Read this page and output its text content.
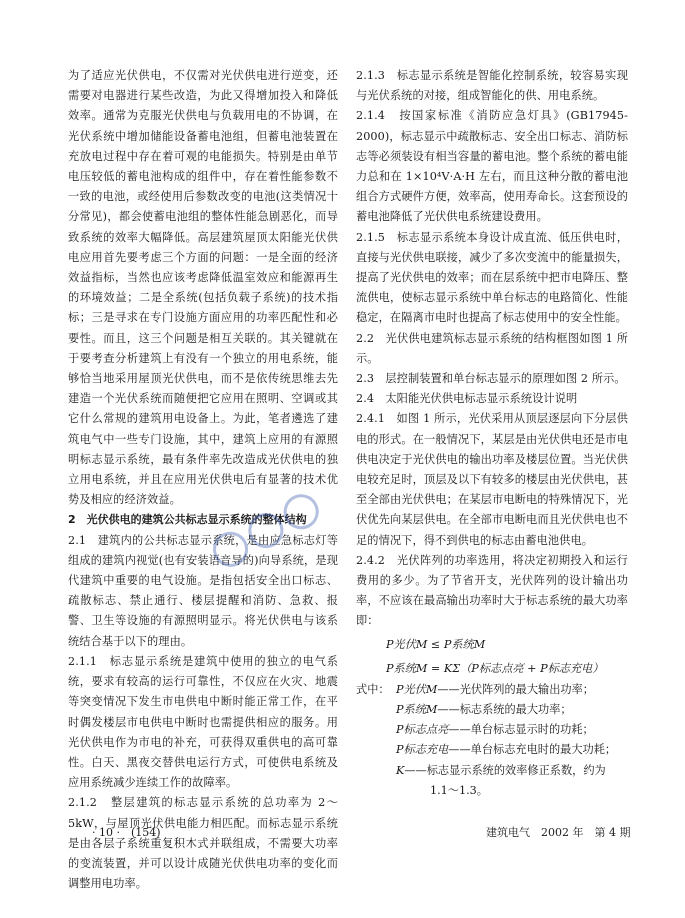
为了适应光伏供电，不仅需对光伏供电进行逆变，还需要对电器进行某些改造，为此又得增加投入和降低效率。通常为克服光伏供电与负载用电的不协调，在光伏系统中增加储能设备蓄电池组，但蓄电池装置在充放电过程中存在着可观的电能损失。特别是由单节电压较低的蓄电池构成的组件中，存在着性能参数不一致的电池，或经使用后参数改变的电池(这类情况十分常见)，都会使蓄电池组的整体性能急剧恶化，而导致系统的效率大幅降低。高层建筑屋顶太阳能光伏供电应用首先要考虑三个方面的问题：一是全面的经济效益指标，当然也应该考虑降低温室效应和能源再生的环境效益；二是全系统(包括负载子系统)的技术指标；三是寻求在专门设施方面应用的功率匹配性和必要性。而且，这三个问题是相互关联的。其关键就在于要考查分析建筑上有没有一个独立的用电系统，能够恰当地采用屋顶光伏供电，而不是依传统思维去先建造一个光伏系统而随便把它应用在照明、空调或其它什么常规的建筑用电设备上。为此，笔者遴选了建筑电气中一些专门设施，其中，建筑上应用的有源照明标志显示系统，最有条件率先改造成光伏供电的独立用电系统，并且在应用光伏供电后有显著的技术优势及相应的经济效益。

2　光伏供电的建筑公共标志显示系统的整体结构

2.1　建筑内的公共标志显示系统，是由应急标志灯等组成的建筑内视觉(也有安装语音导的)向导系统，是现代建筑中重要的电气设施。是指包括安全出口标志、疏散标志、禁止通行、楼层提醒和消防、急救、报警、卫生等设施的有源照明显示。将光伏供电与该系统结合基于以下的理由。

2.1.1　标志显示系统是建筑中使用的独立的电气系统，要求有较高的运行可靠性，不仅应在火灾、地震等突变情况下发生市电供电中断时能正常工作，在平时偶发楼层市电供电中断时也需提供相应的服务。用光伏供电作为市电的补充，可获得双重供电的高可靠性。白天、黑夜交替供电运行方式，可使供电系统及应用系统减少连续工作的故障率。

2.1.2　整层建筑的标志显示系统的总功率为 2～5kW，与屋顶光伏供电能力相匹配。而标志显示系统是由各层子系统重复积木式并联组成，不需要大功率的变流装置，并可以设计成随光伏供电功率的变化而调整用电功率。

2.1.3　标志显示系统是智能化控制系统，较容易实现与光伏系统的对接，组成智能化的供、用电系统。

2.1.4　按国家标准《消防应急灯具》(GB17945-2000)，标志显示中疏散标志、安全出口标志、消防标志等必须装设有相当容量的蓄电池。整个系统的蓄电能力总和在 1×10⁴V·A·H 左右，而且这种分散的蓄电池组合方式硬件方便，效率高，使用寿命长。这套预设的蓄电池降低了光伏供电系统建设费用。

2.1.5　标志显示系统本身设计成直流、低压供电时，直接与光伏供电联接，减少了多次变流中的能量损失，提高了光伏供电的效率；而在层系统中把市电降压、整流供电，使标志显示系统中单台标志的电路简化、性能稳定，在隔离市电时也提高了标志使用中的安全性能。

2.2　光伏供电建筑标志显示系统的结构框图如图 1 所示。

2.3　层控制装置和单台标志显示的原理如图 2 所示。

2.4　太阳能光伏供电标志显示系统设计说明

2.4.1　如图 1 所示，光伏采用从顶层逐层向下分层供电的形式。在一般情况下，某层是由光伏供电还是市电供电决定于光伏供电的输出功率及楼层位置。当光伏供电较充足时，顶层及以下有较多的楼层由光伏供电，甚至全部由光伏供电；在某层市电断电的特殊情况下，光伏优先向某层供电。在全部市电断电而且光伏供电也不足的情况下，得不到供电的标志由蓄电池供电。

2.4.2　光伏阵列的功率选用，将决定初期投入和运行费用的多少。为了节省开支，光伏阵列的设计输出功率，不应该在最高输出功率时大于标志系统的最大功率即：

P光伏M ≤ P系统M
P系统M = KΣ（P标志点亮 + P标志充电）
式中： P光伏M——光伏阵列的最大输出功率；
P系统M——标志系统的最大功率；
P标志点亮——单台标志显示时的功耗；
P标志充电——单台标志充电时的最大功耗；
K——标志显示系统的效率修正系数，约为
1.1～1.3。
· 10 ·　(154)	建筑电气　2002 年　第 4 期
